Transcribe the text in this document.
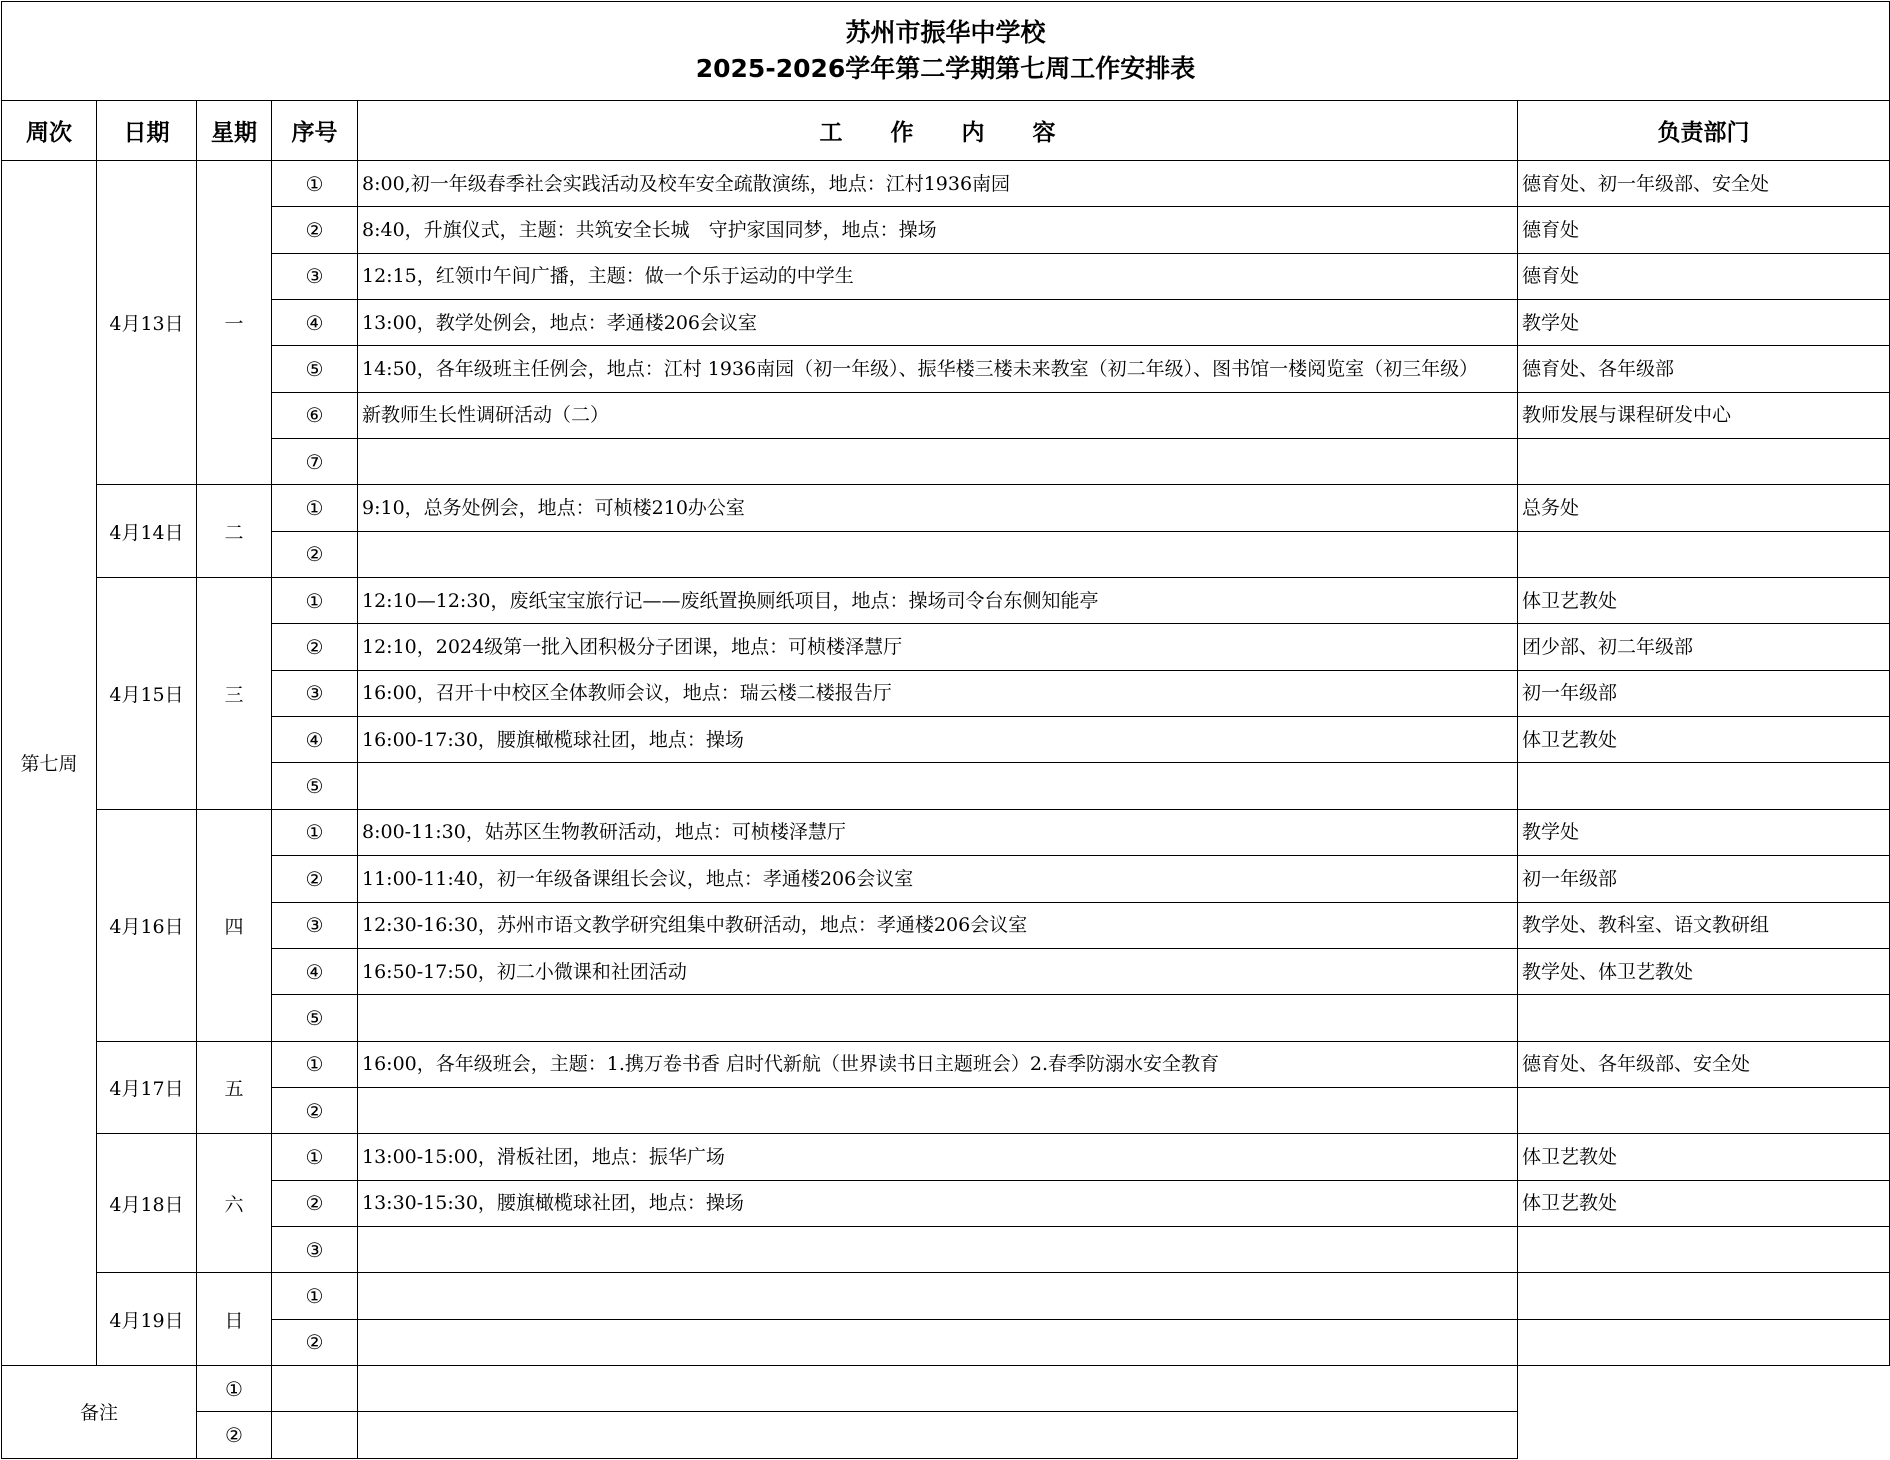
苏州市振华中学校
2025-2026学年第二学期第七周工作安排表					

周次	日期	星期	序号	工作内容	负责部门
第七周	4月13日	一	①	8:00,初一年级春季社会实践活动及校车安全疏散演练，地点：江村1936南园	德育处、初一年级部、安全处
			②	8:40，升旗仪式，主题：共筑安全长城　守护家国同梦，地点：操场	德育处
			③	12:15，红领巾午间广播，主题：做一个乐于运动的中学生	德育处
			④	13:00，教学处例会，地点：孝通楼206会议室	教学处
			⑤	14:50，各年级班主任例会，地点：江村 1936南园（初一年级）、振华楼三楼未来教室（初二年级）、图书馆一楼阅览室（初三年级）	德育处、各年级部
			⑥	新教师生长性调研活动（二）	教师发展与课程研发中心
			⑦		
	4月14日	二	①	9:10，总务处例会，地点：可桢楼210办公室	总务处
			②		
	4月15日	三	①	12:10—12:30，废纸宝宝旅行记——废纸置换厕纸项目，地点：操场司令台东侧知能亭	体卫艺教处
			②	12:10，2024级第一批入团积极分子团课，地点：可桢楼泽慧厅	团少部、初二年级部
			③	16:00，召开十中校区全体教师会议，地点：瑞云楼二楼报告厅	初一年级部
			④	16:00-17:30，腰旗橄榄球社团，地点：操场	体卫艺教处
			⑤		
	4月16日	四	①	8:00-11:30，姑苏区生物教研活动，地点：可桢楼泽慧厅	教学处
			②	11:00-11:40，初一年级备课组长会议，地点：孝通楼206会议室	初一年级部
			③	12:30-16:30，苏州市语文教学研究组集中教研活动，地点：孝通楼206会议室	教学处、教科室、语文教研组
			④	16:50-17:50，初二小微课和社团活动	教学处、体卫艺教处
			⑤		
	4月17日	五	①	16:00，各年级班会，主题：1.携万卷书香 启时代新航（世界读书日主题班会）2.春季防溺水安全教育	德育处、各年级部、安全处
			②		
	4月18日	六	①	13:00-15:00，滑板社团，地点：振华广场	体卫艺教处
			②	13:30-15:30，腰旗橄榄球社团，地点：操场	体卫艺教处
			③		
	4月19日	日	①		
			②		
备注		①			
		②			
